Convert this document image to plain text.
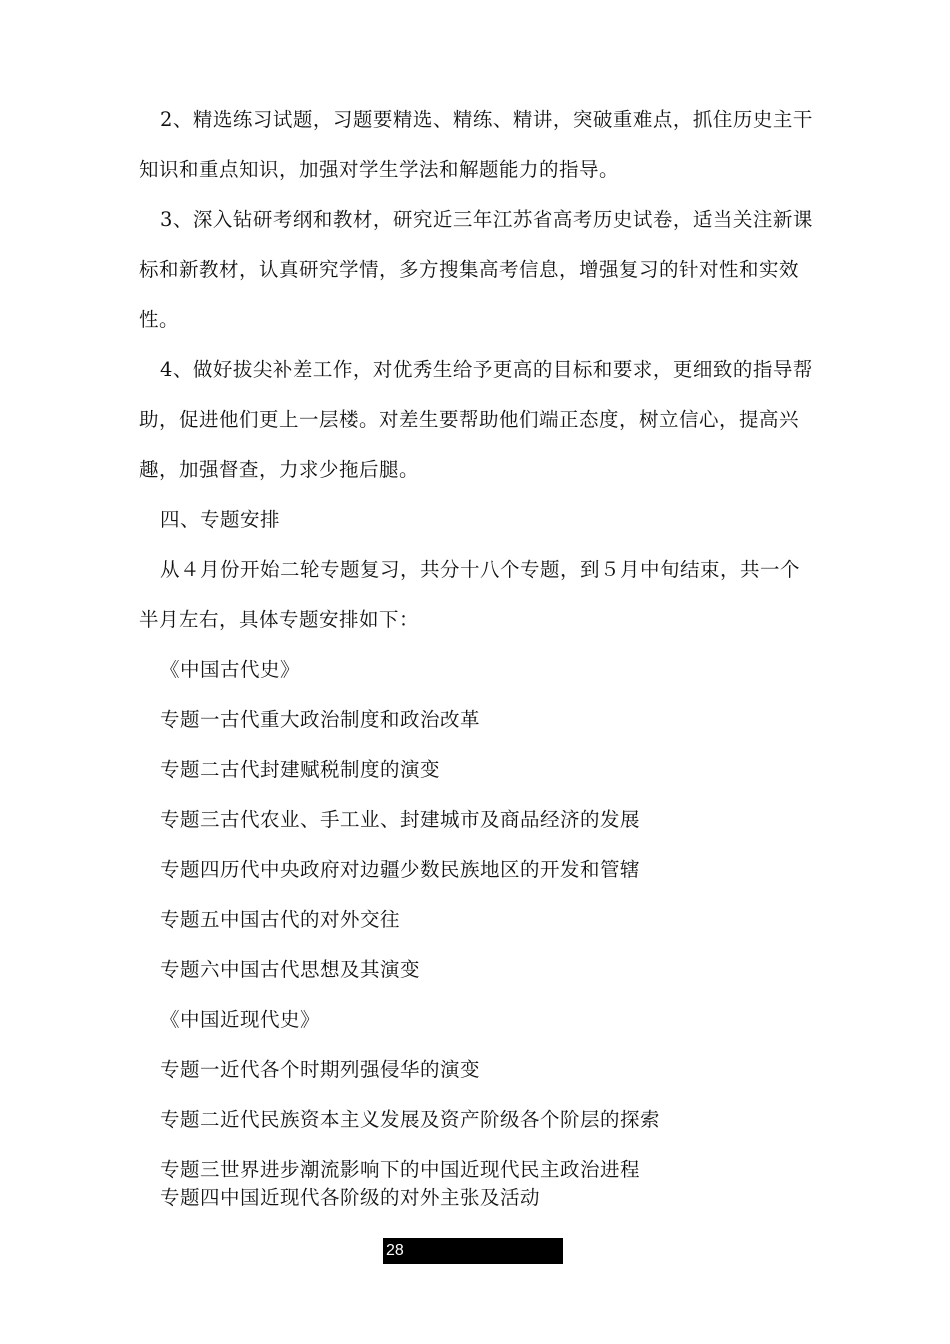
2、精选练习试题，习题要精选、精练、精讲，突破重难点，抓住历史主干
知识和重点知识，加强对学生学法和解题能力的指导。
3、深入钻研考纲和教材，研究近三年江苏省高考历史试卷，适当关注新课
标和新教材，认真研究学情，多方搜集高考信息，增强复习的针对性和实效
性。
4、做好拔尖补差工作，对优秀生给予更高的目标和要求，更细致的指导帮
助，促进他们更上一层楼。对差生要帮助他们端正态度，树立信心，提高兴
趣，加强督查，力求少拖后腿。
四、专题安排
从４月份开始二轮专题复习，共分十八个专题，到５月中旬结束，共一个
半月左右，具体专题安排如下：
《中国古代史》
专题一古代重大政治制度和政治改革
专题二古代封建赋税制度的演变
专题三古代农业、手工业、封建城市及商品经济的发展
专题四历代中央政府对边疆少数民族地区的开发和管辖
专题五中国古代的对外交往
专题六中国古代思想及其演变
《中国近现代史》
专题一近代各个时期列强侵华的演变
专题二近代民族资本主义发展及资产阶级各个阶层的探索
专题三世界进步潮流影响下的中国近现代民主政治进程
专题四中国近现代各阶级的对外主张及活动
28
